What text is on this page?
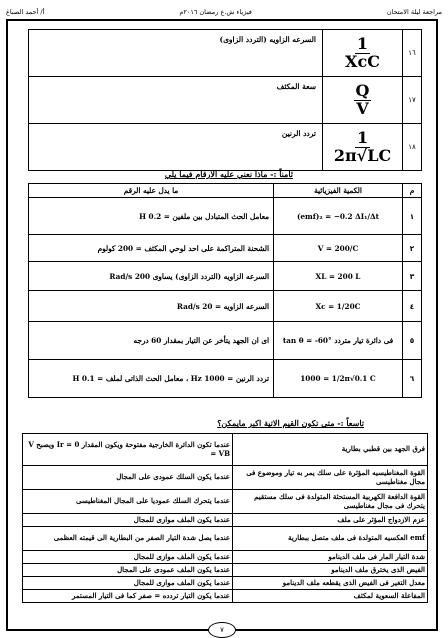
مراجعة ليلة الامتحان
فيزياء ش.ع رمضان ٢٠١٦م
أ/ أحمد الصباغ
١٦	$\frac{1}{\text{XcC}}$	السرعه الزاويه (التردد الزاوى)
١٧	$\frac{Q}{V}$	سعة المكثف
١٨	$\frac{1}{2\pi√LC}$	تردد الرنين
ثامناً :- ماذا نعني عليه الارقام فيما يلي
م	الكمية الفيزيائية	ما يدل عليه الرقم
١	(emf)₂ = −0.2 ΔI₁/Δt	معامل الحث المتبادل بين ملفين = 0.2 H
٢	V = 200/C	الشحنة المتراكمة على احد لوحي المكثف = 200 كولوم
٣	XL = 200 L	السرعه الزاويه (التردد الزاوى) يساوى 200 Rad/s
٤	Xc = 1/20C	السرعه الزاويه = 20 Rad/s
٥	tan θ = -60° فى دائرة تيار متردد	اى ان الجهد يتأخر عن التيار بمقدار 60 درجه
٦	1000 = 1/2π√0.1 C	تردد الرنين = 1000 Hz ، معامل الحث الذاتى لملف = 0.1 H
تاسعاً :- متى تكون القيم الاتية اكبر مايمكن؟
فرق الجهد بين قطبي بطارية	عندما تكون الدائرة الخارجية مفتوحة ويكون المقدار Ir = 0 ويصبح V = VB
القوة المغناطيسيه المؤثرة على سلك يمر به تيار وموضوع فى مجال مغناطيسى	عندما يكون السلك عمودى على المجال
القوة الدافعة الكهربية المستحثة المتولدة فى سلك مستقيم يتحرك فى مجال مغناطيسى	عندما يتحرك السلك عموديا على المجال المغناطيسى
عزم الازدواج المؤثر على ملف	عندما يكون الملف موازى للمجال
emf العكسيه المتولدة فى ملف متصل ببطارية	عندما يصل شدة التيار الصفر من البطارية الى قيمته العظمى
شدة التيار المار فى ملف الدينامو	عندما يكون الملف موازى للمجال
الفيض الذى يخترق ملف الدينامو	عندما يكون الملف عمودى على المجال
معدل التغير فى الفيض الذى يقطعه ملف الدينامو	عندما يكون الملف موازى للمجال
المفاعلة السعوية لمكثف	عندما يكون التيار تردده = صفر كما فى التيار المستمر
٧
